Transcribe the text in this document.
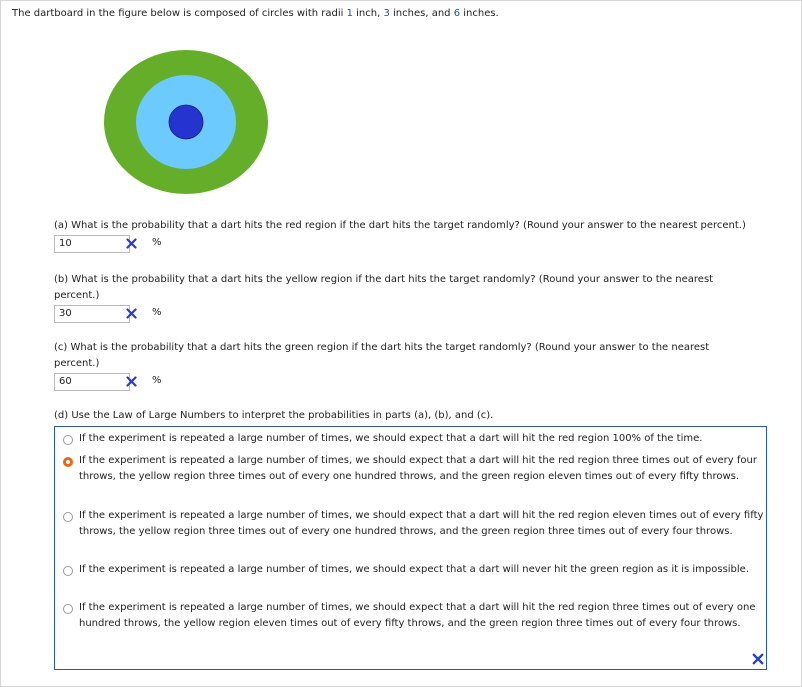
The dartboard in the figure below is composed of circles with radii 1 inch, 3 inches, and 6 inches.
(a) What is the probability that a dart hits the red region if the dart hits the target randomly? (Round your answer to the nearest percent.)
10	%
(b) What is the probability that a dart hits the yellow region if the dart hits the target randomly? (Round your answer to the nearest percent.)
30	%
(c) What is the probability that a dart hits the green region if the dart hits the target randomly? (Round your answer to the nearest percent.)
60	%
(d) Use the Law of Large Numbers to interpret the probabilities in parts (a), (b), and (c).
If the experiment is repeated a large number of times, we should expect that a dart will hit the red region 100% of the time.
If the experiment is repeated a large number of times, we should expect that a dart will hit the red region three times out of every four throws, the yellow region three times out of every one hundred throws, and the green region eleven times out of every fifty throws.
If the experiment is repeated a large number of times, we should expect that a dart will hit the red region eleven times out of every fifty throws, the yellow region three times out of every one hundred throws, and the green region three times out of every four throws.
If the experiment is repeated a large number of times, we should expect that a dart will never hit the green region as it is impossible.
If the experiment is repeated a large number of times, we should expect that a dart will hit the red region three times out of every one hundred throws, the yellow region eleven times out of every fifty throws, and the green region three times out of every four throws.
